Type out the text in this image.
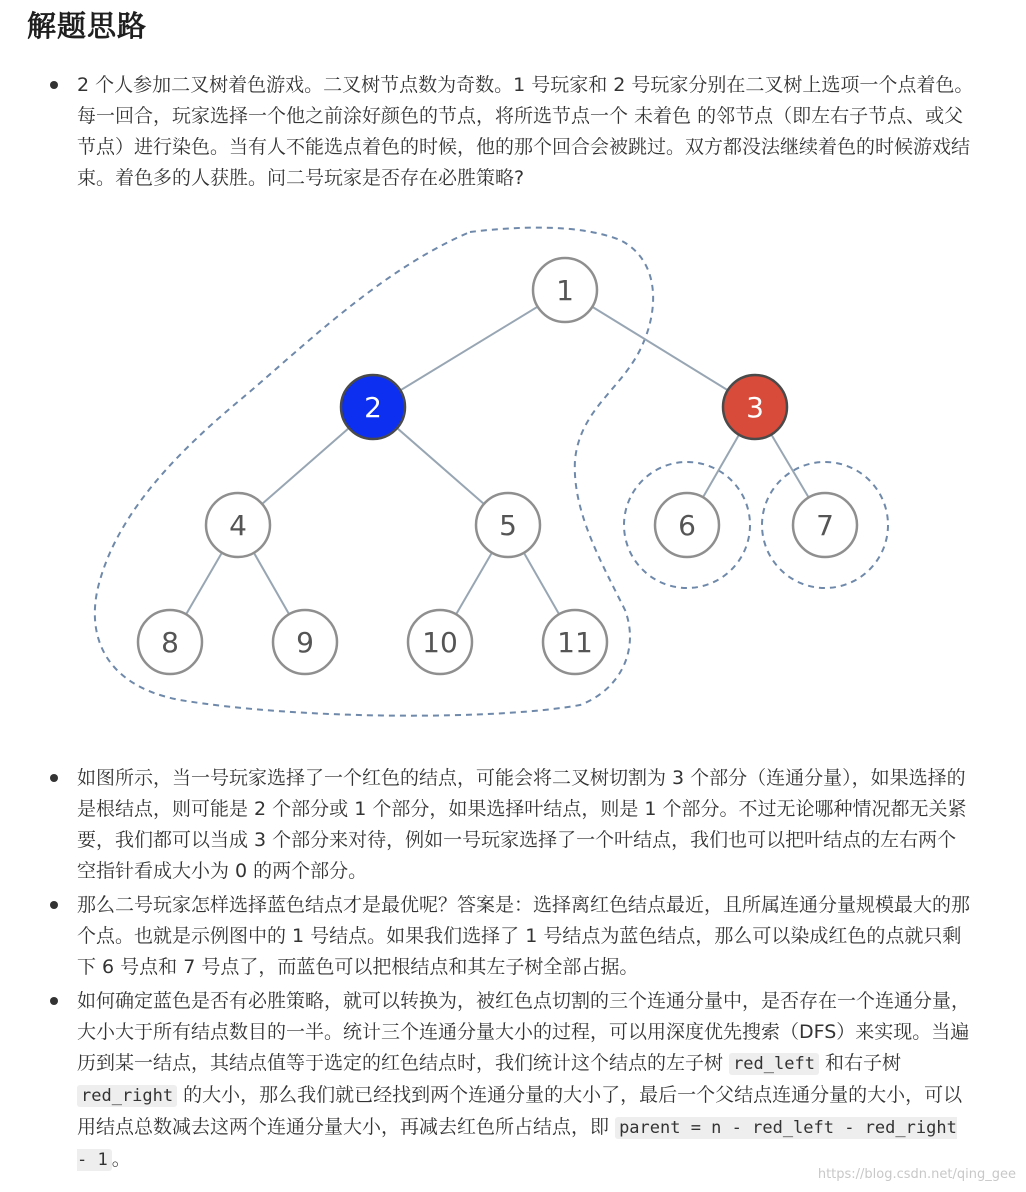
解题思路
2 个人参加二叉树着色游戏。二叉树节点数为奇数。1 号玩家和 2 号玩家分别在二叉树上选项一个点着色。每一回合，玩家选择一个他之前涂好颜色的节点，将所选节点一个 未着色 的邻节点（即左右子节点、或父节点）进行染色。当有人不能选点着色的时候，他的那个回合会被跳过。双方都没法继续着色的时候游戏结束。着色多的人获胜。问二号玩家是否存在必胜策略?
1
2	3
4	5	6	7
8	9	10	11
如图所示，当一号玩家选择了一个红色的结点，可能会将二叉树切割为 3 个部分（连通分量），如果选择的是根结点，则可能是 2 个部分或 1 个部分，如果选择叶结点，则是 1 个部分。不过无论哪种情况都无关紧要，我们都可以当成 3 个部分来对待，例如一号玩家选择了一个叶结点，我们也可以把叶结点的左右两个空指针看成大小为 0 的两个部分。
那么二号玩家怎样选择蓝色结点才是最优呢？答案是：选择离红色结点最近，且所属连通分量规模最大的那个点。也就是示例图中的 1 号结点。如果我们选择了 1 号结点为蓝色结点，那么可以染成红色的点就只剩下 6 号点和 7 号点了，而蓝色可以把根结点和其左子树全部占据。
如何确定蓝色是否有必胜策略，就可以转换为，被红色点切割的三个连通分量中，是否存在一个连通分量，大小大于所有结点数目的一半。统计三个连通分量大小的过程，可以用深度优先搜索（DFS）来实现。当遍历到某一结点，其结点值等于选定的红色结点时，我们统计这个结点的左子树 red_left 和右子树 red_right 的大小，那么我们就已经找到两个连通分量的大小了，最后一个父结点连通分量的大小，可以用结点总数减去这两个连通分量大小，再减去红色所占结点，即 parent = n - red_left - red_right - 1 。
https://blog.csdn.net/qing_gee
